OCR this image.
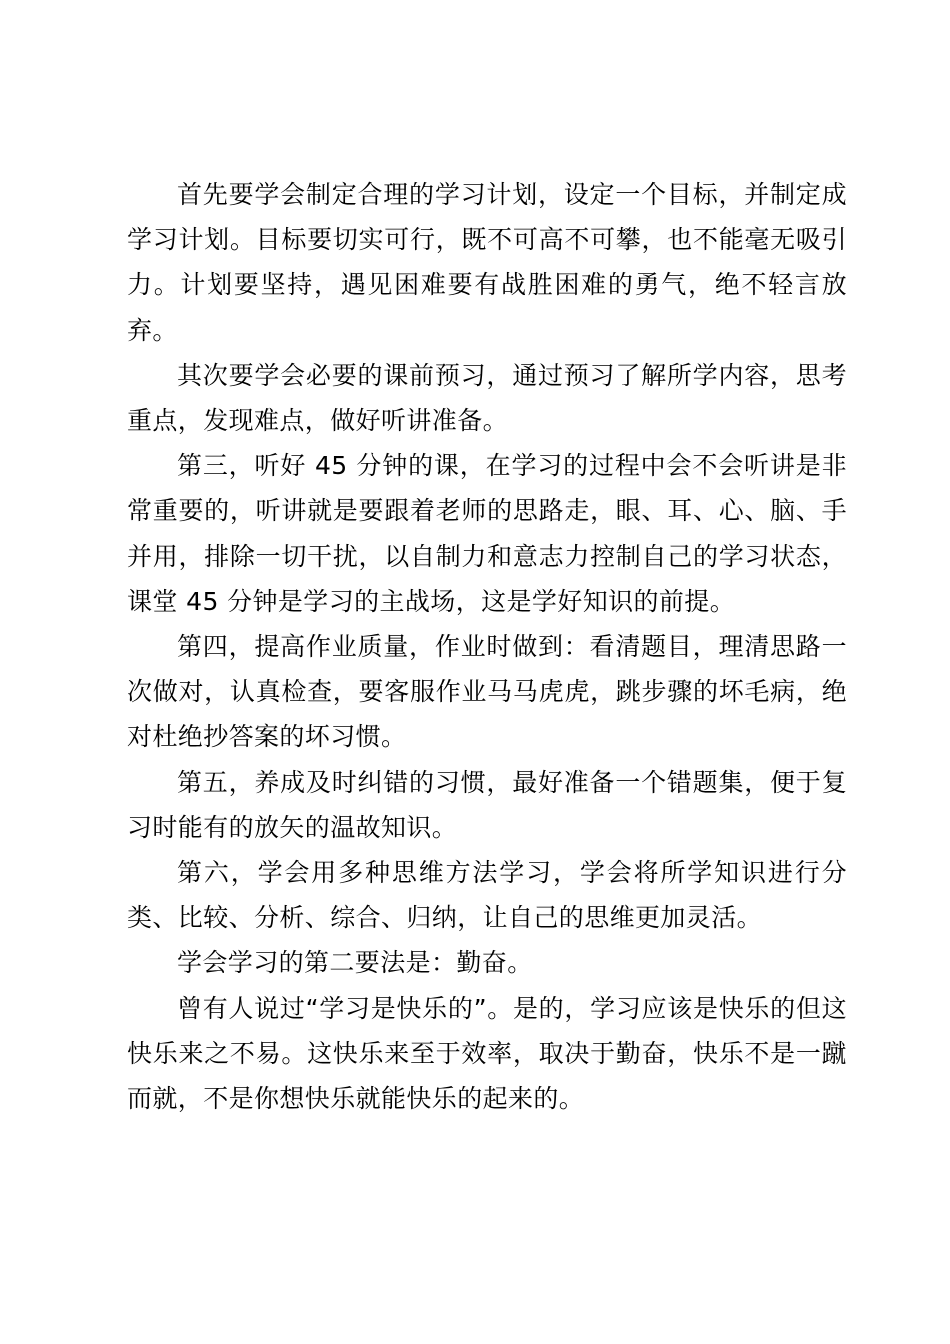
首先要学会制定合理的学习计划，设定一个目标，并制定成学习计划。目标要切实可行，既不可高不可攀，也不能毫无吸引力。计划要坚持，遇见困难要有战胜困难的勇气，绝不轻言放弃。

其次要学会必要的课前预习，通过预习了解所学内容，思考重点，发现难点，做好听讲准备。

第三，听好 45 分钟的课，在学习的过程中会不会听讲是非常重要的，听讲就是要跟着老师的思路走，眼、耳、心、脑、手并用，排除一切干扰，以自制力和意志力控制自己的学习状态，课堂 45 分钟是学习的主战场，这是学好知识的前提。

第四，提高作业质量，作业时做到：看清题目，理清思路一次做对，认真检查，要客服作业马马虎虎，跳步骤的坏毛病，绝对杜绝抄答案的坏习惯。

第五，养成及时纠错的习惯，最好准备一个错题集，便于复习时能有的放矢的温故知识。

第六，学会用多种思维方法学习，学会将所学知识进行分类、比较、分析、综合、归纳，让自己的思维更加灵活。

学会学习的第二要法是：勤奋。

曾有人说过“学习是快乐的”。是的，学习应该是快乐的但这快乐来之不易。这快乐来至于效率，取决于勤奋，快乐不是一蹴而就，不是你想快乐就能快乐的起来的。
